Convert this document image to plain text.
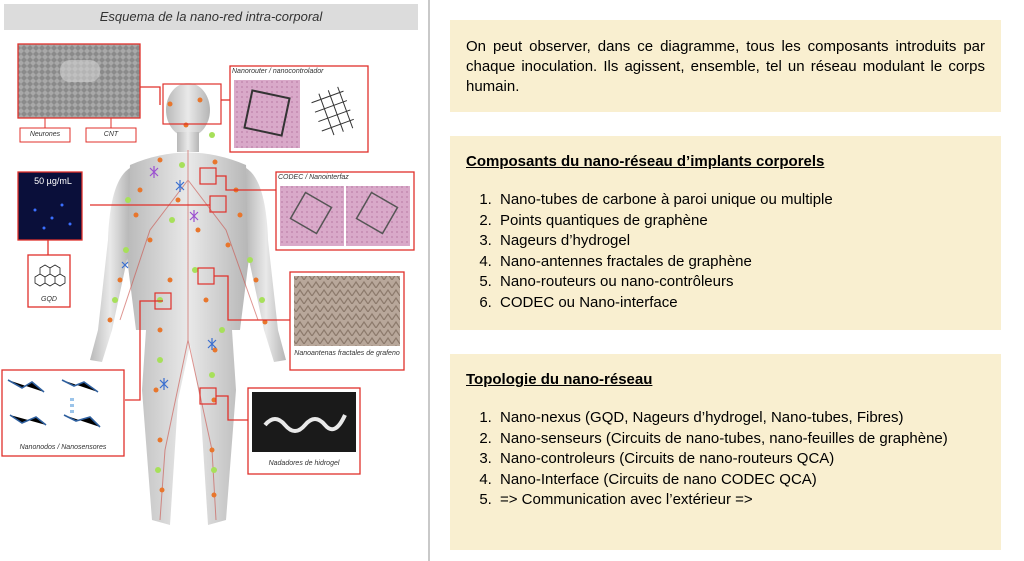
Esquema de la nano-red intra-corporal
Neurones	CNT
Nanorouter / nanocontrolador
50 µg/mL	CODEC / Nanointerfaz
GQD
Nanoantenas fractales de grafeno
Nanonodos / Nanosensores
Nadadores de hidrogel

On peut observer, dans ce diagramme, tous les composants introduits par chaque inoculation. Ils agissent, ensemble, tel un réseau modulant le corps humain.

Composants du nano-réseau d’implants corporels
1. Nano-tubes de carbone à paroi unique ou multiple
2. Points quantiques de graphène
3. Nageurs d’hydrogel
4. Nano-antennes fractales de graphène
5. Nano-routeurs ou nano-contrôleurs
6. CODEC ou Nano-interface
Topologie du nano-réseau
1. Nano-nexus (GQD, Nageurs d’hydrogel, Nano-tubes, Fibres)
2. Nano-senseurs (Circuits de nano-tubes, nano-feuilles de graphène)
3. Nano-controleurs (Circuits de nano-routeurs QCA)
4. Nano-Interface (Circuits de nano CODEC QCA)
5. => Communication avec l’extérieur =>
